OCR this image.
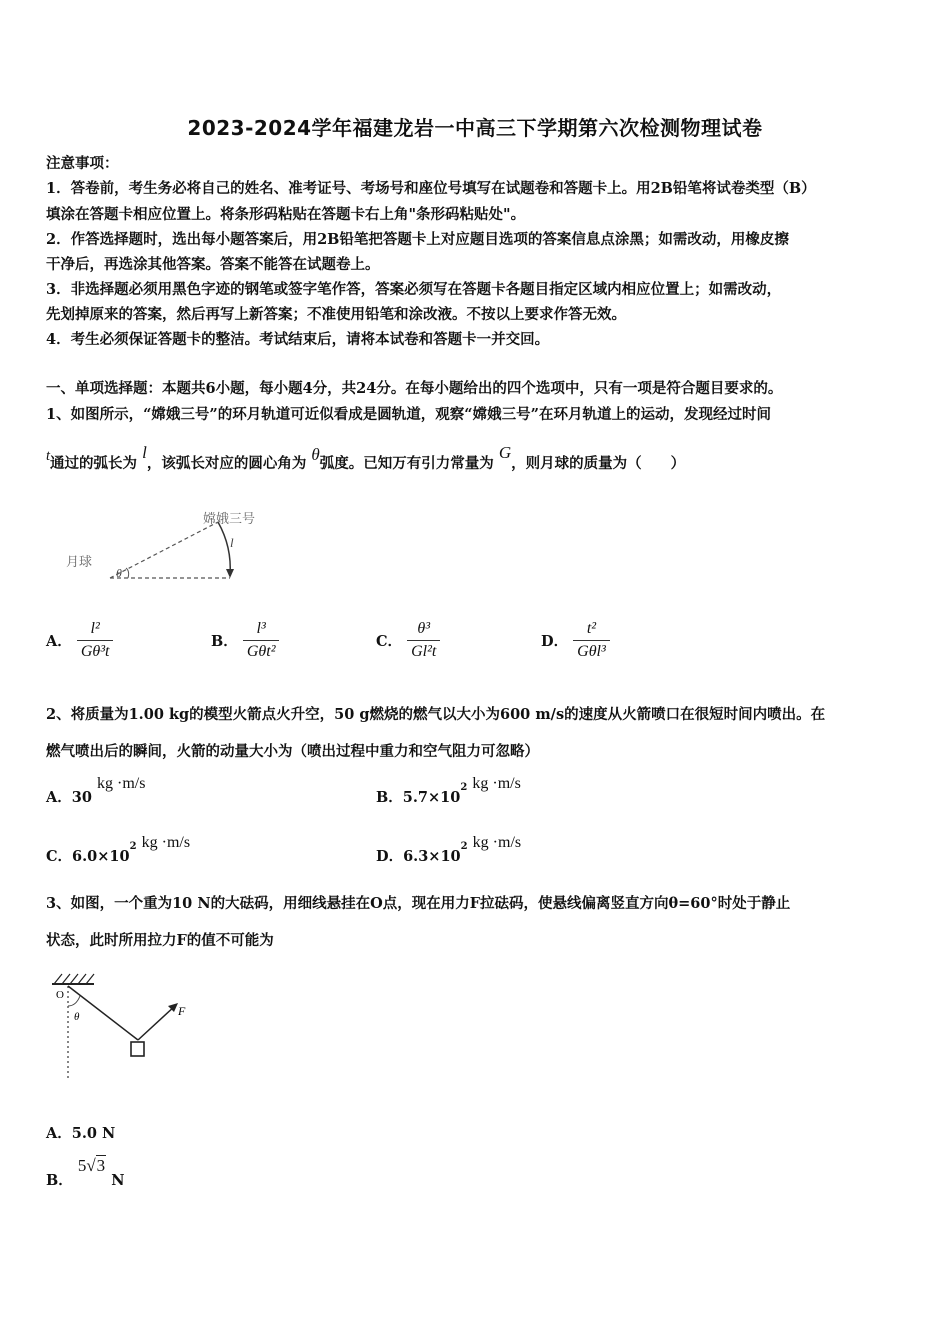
2023-2024学年福建龙岩一中高三下学期第六次检测物理试卷
注意事项：
1．答卷前，考生务必将自己的姓名、准考证号、考场号和座位号填写在试题卷和答题卡上。用2B铅笔将试卷类型（B）
填涂在答题卡相应位置上。将条形码粘贴在答题卡右上角"条形码粘贴处"。
2．作答选择题时，选出每小题答案后，用2B铅笔把答题卡上对应题目选项的答案信息点涂黑；如需改动，用橡皮擦
干净后，再选涂其他答案。答案不能答在试题卷上。
3．非选择题必须用黑色字迹的钢笔或签字笔作答，答案必须写在答题卡各题目指定区域内相应位置上；如需改动，
先划掉原来的答案，然后再写上新答案；不准使用铅笔和涂改液。不按以上要求作答无效。
4．考生必须保证答题卡的整洁。考试结束后，请将本试卷和答题卡一并交回。
一、单项选择题：本题共6小题，每小题4分，共24分。在每小题给出的四个选项中，只有一项是符合题目要求的。
1、如图所示，“嫦娥三号”的环月轨道可近似看成是圆轨道，观察“嫦娥三号”在环月轨道上的运动，发现经过时间
t通过的弧长为 l，该弧长对应的圆心角为 θ弧度。已知万有引力常量为 G，则月球的质量为（　　）
月球
嫦娥三号
l
θ
A． $\frac{\text{l²}}{\text{Gθ³t}}$	B． $\frac{\text{l³}}{\text{Gθt²}}$	C． $\frac{\text{θ³}}{\text{Gl²t}}$	D． $\frac{\text{t²}}{\text{Gθl³}}$
2、将质量为1.00 kg的模型火箭点火升空，50 g燃烧的燃气以大小为600 m/s的速度从火箭喷口在很短时间内喷出。在
燃气喷出后的瞬间，火箭的动量大小为（喷出过程中重力和空气阻力可忽略）
A．30 kg ·m/s
B．$5.7\times 10^2$ kg ·m/s
C．$6.0\times 10^2$ kg ·m/s
D．$6.3\times 10^2$ kg ·m/s
3、如图，一个重为10 N的大砝码，用细线悬挂在O点，现在用力F拉砝码，使悬线偏离竖直方向θ=60°时处于静止
状态，此时所用拉力F的值不可能为
O
θ	F
A．5.0 N
B． 5√3 N
